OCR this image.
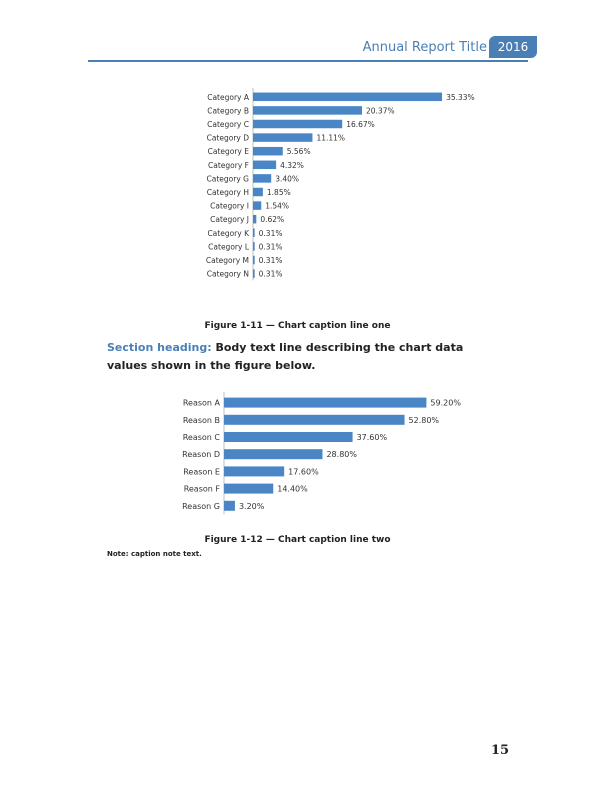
Annual Report Title 2016
Category A	35.33%
Category B	20.37%
Category C	16.67%
Category D	11.11%
Category E	5.56%
Category F	4.32%
Category G	3.40%
Category H 1.85%
Category I 1.54%
Category J 0.62%
Category K 0.31%
Category L 0.31%
Category M 0.31%
Category N 0.31%
Figure 1-11 — Chart caption line one
Section heading: Body text line describing the chart data values shown in the figure below.
Reason A	59.20%
Reason B	52.80%
Reason C	37.60%
Reason D	28.80%
Reason E	17.60%
Reason F	14.40%
Reason G 3.20%
Figure 1-12 — Chart caption line two
Note: caption note text.
15
